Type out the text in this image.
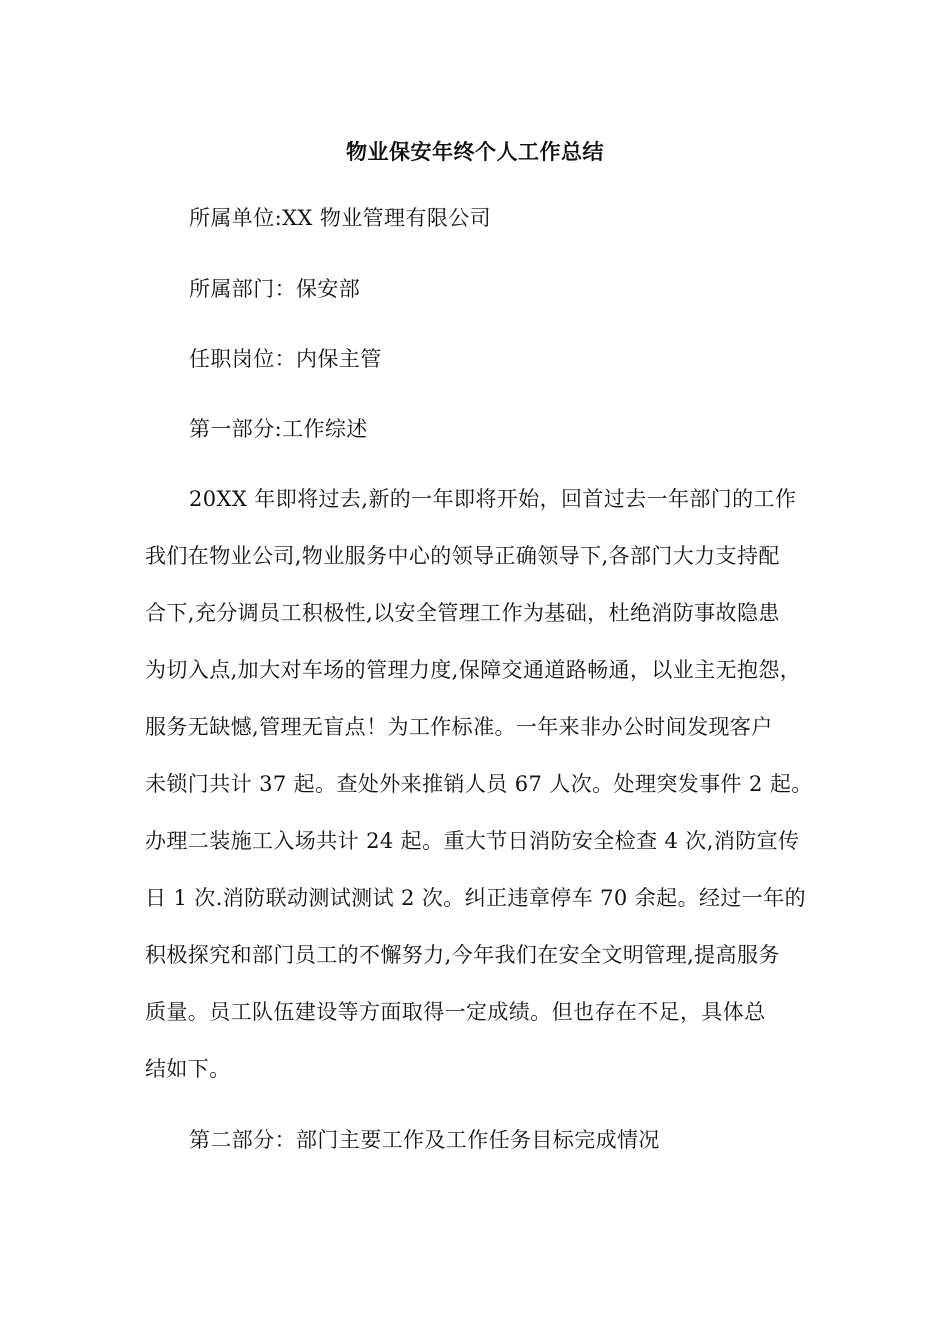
物业保安年终个人工作总结
所属单位:XX 物业管理有限公司
所属部门：保安部
任职岗位：内保主管
第一部分:工作综述
20XX 年即将过去,新的一年即将开始，回首过去一年部门的工作
我们在物业公司,物业服务中心的领导正确领导下,各部门大力支持配
合下,充分调员工积极性,以安全管理工作为基础，杜绝消防事故隐患
为切入点,加大对车场的管理力度,保障交通道路畅通，以业主无抱怨，
服务无缺憾,管理无盲点！为工作标准。一年来非办公时间发现客户
未锁门共计 37 起。查处外来推销人员 67 人次。处理突发事件 2 起。
办理二装施工入场共计 24 起。重大节日消防安全检查 4 次,消防宣传
日 1 次.消防联动测试测试 2 次。纠正违章停车 70 余起。经过一年的
积极探究和部门员工的不懈努力,今年我们在安全文明管理,提高服务
质量。员工队伍建设等方面取得一定成绩。但也存在不足，具体总
结如下。
第二部分：部门主要工作及工作任务目标完成情况
